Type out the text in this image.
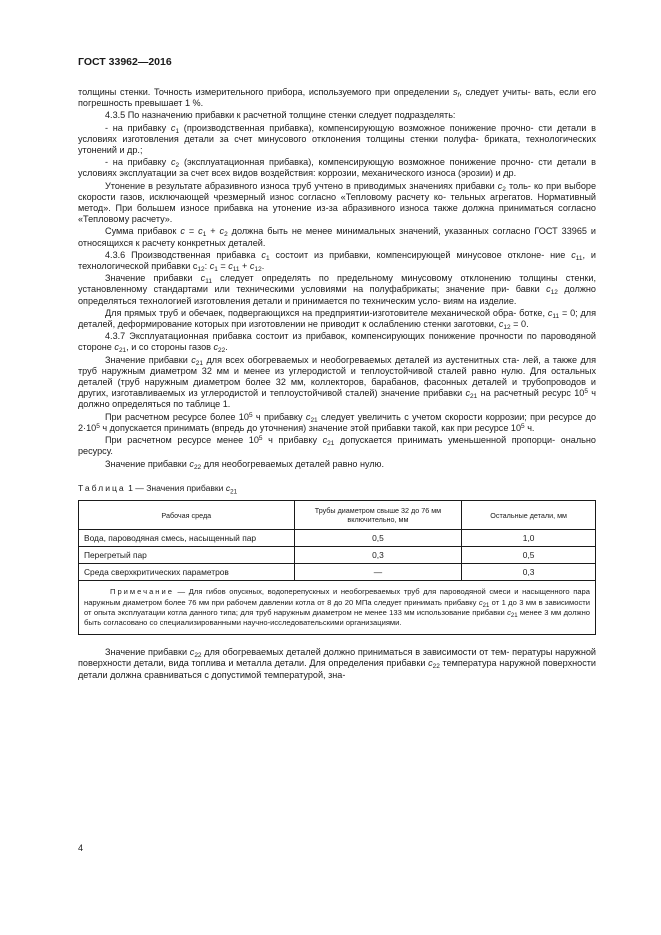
ГОСТ 33962—2016

толщины стенки. Точность измерительного прибора, используемого при определении $s_f$, следует учиты- вать, если его погрешность превышает 1 %.

4.3.5 По назначению прибавки к расчетной толщине стенки следует подразделять:

- на прибавку $c_1$ (производственная прибавка), компенсирующую возможное понижение прочно- сти детали в условиях изготовления детали за счет минусового отклонения толщины стенки полуфа- бриката, технологических утонений и др.;

- на прибавку $c_2$ (эксплуатационная прибавка), компенсирующую возможное понижение прочно- сти детали в условиях эксплуатации за счет всех видов воздействия: коррозии, механического износа (эрозии) и др.

Утонение в результате абразивного износа труб учтено в приводимых значениях прибавки $c_2$ толь- ко при выборе скорости газов, исключающей чрезмерный износ согласно «Тепловому расчету ко- тельных агрегатов. Нормативный метод». При большем износе прибавка на утонение из-за абразивного износа также должна приниматься согласно «Тепловому расчету».

Сумма прибавок $c = c_1 + c_2$ должна быть не менее минимальных значений, указанных согласно ГОСТ 33965 и относящихся к расчету конкретных деталей.

4.3.6 Производственная прибавка $c_1$ состоит из прибавки, компенсирующей минусовое отклоне- ние $c_{11}$, и технологической прибавки $c_{12}$: $c_1 = c_{11} + c_{12}$.

Значение прибавки $c_{11}$ следует определять по предельному минусовому отклонению толщины стенки, установленному стандартами или техническими условиями на полуфабрикаты; значение при- бавки $c_{12}$ должно определяться технологией изготовления детали и принимается по техническим усло- виям на изделие.

Для прямых труб и обечаек, подвергающихся на предприятии-изготовителе механической обра- ботке, $c_{11} = 0$; для деталей, деформирование которых при изготовлении не приводит к ослаблению стенки заготовки, $c_{12} = 0$.

4.3.7 Эксплуатационная прибавка состоит из прибавок, компенсирующих понижение прочности по пароводяной стороне $c_{21}$, и со стороны газов $c_{22}$.

Значение прибавки $c_{21}$ для всех обогреваемых и необогреваемых деталей из аустенитных ста- лей, а также для труб наружным диаметром 32 мм и менее из углеродистой и теплоустойчивой сталей равно нулю. Для остальных деталей (труб наружным диаметром более 32 мм, коллекторов, барабанов, фасонных деталей и трубопроводов и других, изготавливаемых из углеродистой и теплоустойчивой сталей) значение прибавки $c_{21}$ на расчетный ресурс $10^5$ ч должно определяться по таблице 1.

При расчетном ресурсе более $10^5$ ч прибавку $c_{21}$ следует увеличить с учетом скорости коррозии; при ресурсе до $2\cdot 10^5$ ч допускается принимать (впредь до уточнения) значение этой прибавки такой, как при ресурсе $10^5$ ч.

При расчетном ресурсе менее $10^5$ ч прибавку $c_{21}$ допускается принимать уменьшенной пропорци- онально ресурсу.

Значение прибавки $c_{22}$ для необогреваемых деталей равно нулю.

Таблица 1 — Значения прибавки $c_{21}$
Рабочая среда	Трубы диаметром свыше 32 до 76 мм включительно, мм	Остальные детали, мм
Вода, пароводяная смесь, насыщенный пар	0,5	1,0
Перегретый пар	0,3	0,5
Среда сверхкритических параметров	—	0,3
Примечание — Для гибов опускных, водоперепускных и необогреваемых труб для пароводяной смеси и насыщенного пара наружным диаметром более 76 мм при рабочем давлении котла от 8 до 20 МПа следует принимать прибавку $c_{21}$ от 1 до 3 мм в зависимости от опыта эксплуатации котла данного типа; для труб наружным диаметром не менее 133 мм использование прибавки $c_{21}$ менее 3 мм должно быть согласовано со специализированными научно-исследовательскими организациями.		

Значение прибавки $c_{22}$ для обогреваемых деталей должно приниматься в зависимости от тем- пературы наружной поверхности детали, вида топлива и металла детали. Для определения прибавки $c_{22}$ температура наружной поверхности детали должна сравниваться с допустимой температурой, зна-

4
